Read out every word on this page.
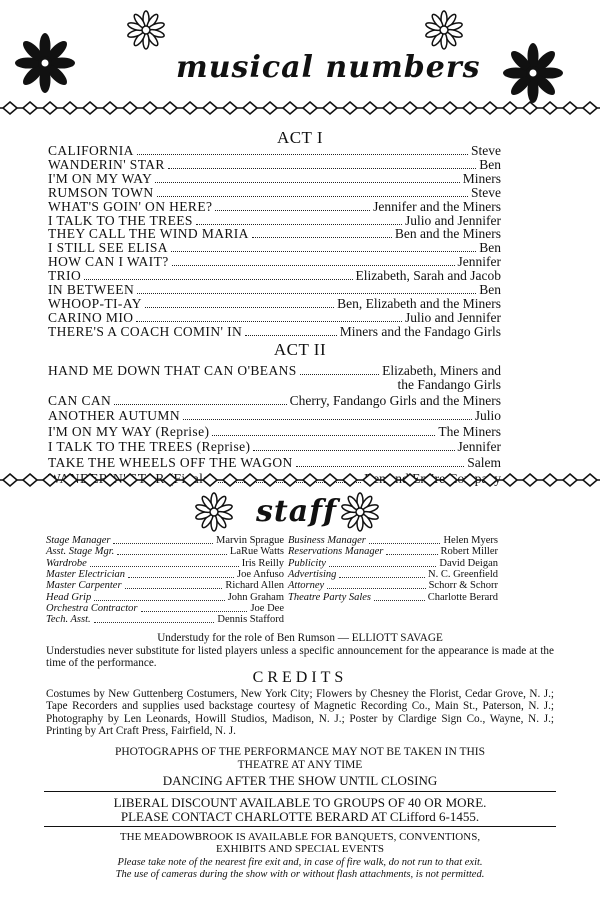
musical numbers
ACT I
CALIFORNIA	Steve
WANDERIN' STAR	Ben
I'M ON MY WAY	Miners
RUMSON TOWN	Steve
WHAT'S GOIN' ON HERE?	Jennifer and the Miners
I TALK TO THE TREES	Julio and Jennifer
THEY CALL THE WIND MARIA	Ben and the Miners
I STILL SEE ELISA	Ben
HOW CAN I WAIT?	Jennifer
TRIO	Elizabeth, Sarah and Jacob
IN BETWEEN	Ben
WHOOP-TI-AY	Ben, Elizabeth and the Miners
CARINO MIO	Julio and Jennifer
THERE'S A COACH COMIN' IN	Miners and the Fandago Girls
ACT II
HAND ME DOWN THAT CAN O'BEANS	Elizabeth, Miners and
the Fandango Girls
CAN CAN	Cherry, Fandango Girls and the Miners
ANOTHER AUTUMN	Julio
I'M ON MY WAY (Reprise)	The Miners
I TALK TO THE TREES (Reprise)	Jennifer
TAKE THE WHEELS OFF THE WAGON	Salem
staff
Stage Manager	Marvin Sprague
Asst. Stage Mgr.	LaRue Watts
Wardrobe	Iris Reilly
Master Electrician	Joe Anfuso
Master Carpenter	Richard Allen
Head Grip	John Graham
Orchestra Contractor	Joe Dee
Tech. Asst.	Dennis Stafford
Business Manager	Helen Myers
Reservations Manager	Robert Miller
Publicity	David Deigan
Advertising	N. C. Greenfield
Attorney	Schorr & Schorr
Theatre Party Sales	Charlotte Berard
Understudy for the role of Ben Rumson — ELLIOTT SAVAGE
Understudies never substitute for listed players unless a specific announcement for the appearance is made at the time of the performance.
CREDITS
Costumes by New Guttenberg Costumers, New York City; Flowers by Chesney the Florist, Cedar Grove, N. J.; Tape Recorders and supplies used backstage courtesy of Magnetic Recording Co., Main St., Paterson, N. J.; Photography by Len Leonards, Howill Studios, Madison, N. J.; Poster by Clardige Sign Co., Wayne, N. J.; Printing by Art Craft Press, Fairfield, N. J.
PHOTOGRAPHS OF THE PERFORMANCE MAY NOT BE TAKEN IN THIS
THEATRE AT ANY TIME
DANCING AFTER THE SHOW UNTIL CLOSING
LIBERAL DISCOUNT AVAILABLE TO GROUPS OF 40 OR MORE.
PLEASE CONTACT CHARLOTTE BERARD AT CLifford 6-1455.
THE MEADOWBROOK IS AVAILABLE FOR BANQUETS, CONVENTIONS,
EXHIBITS AND SPECIAL EVENTS
Please take note of the nearest fire exit and, in case of fire walk, do not run to that exit.
The use of cameras during the show with or without flash attachments, is not permitted.
